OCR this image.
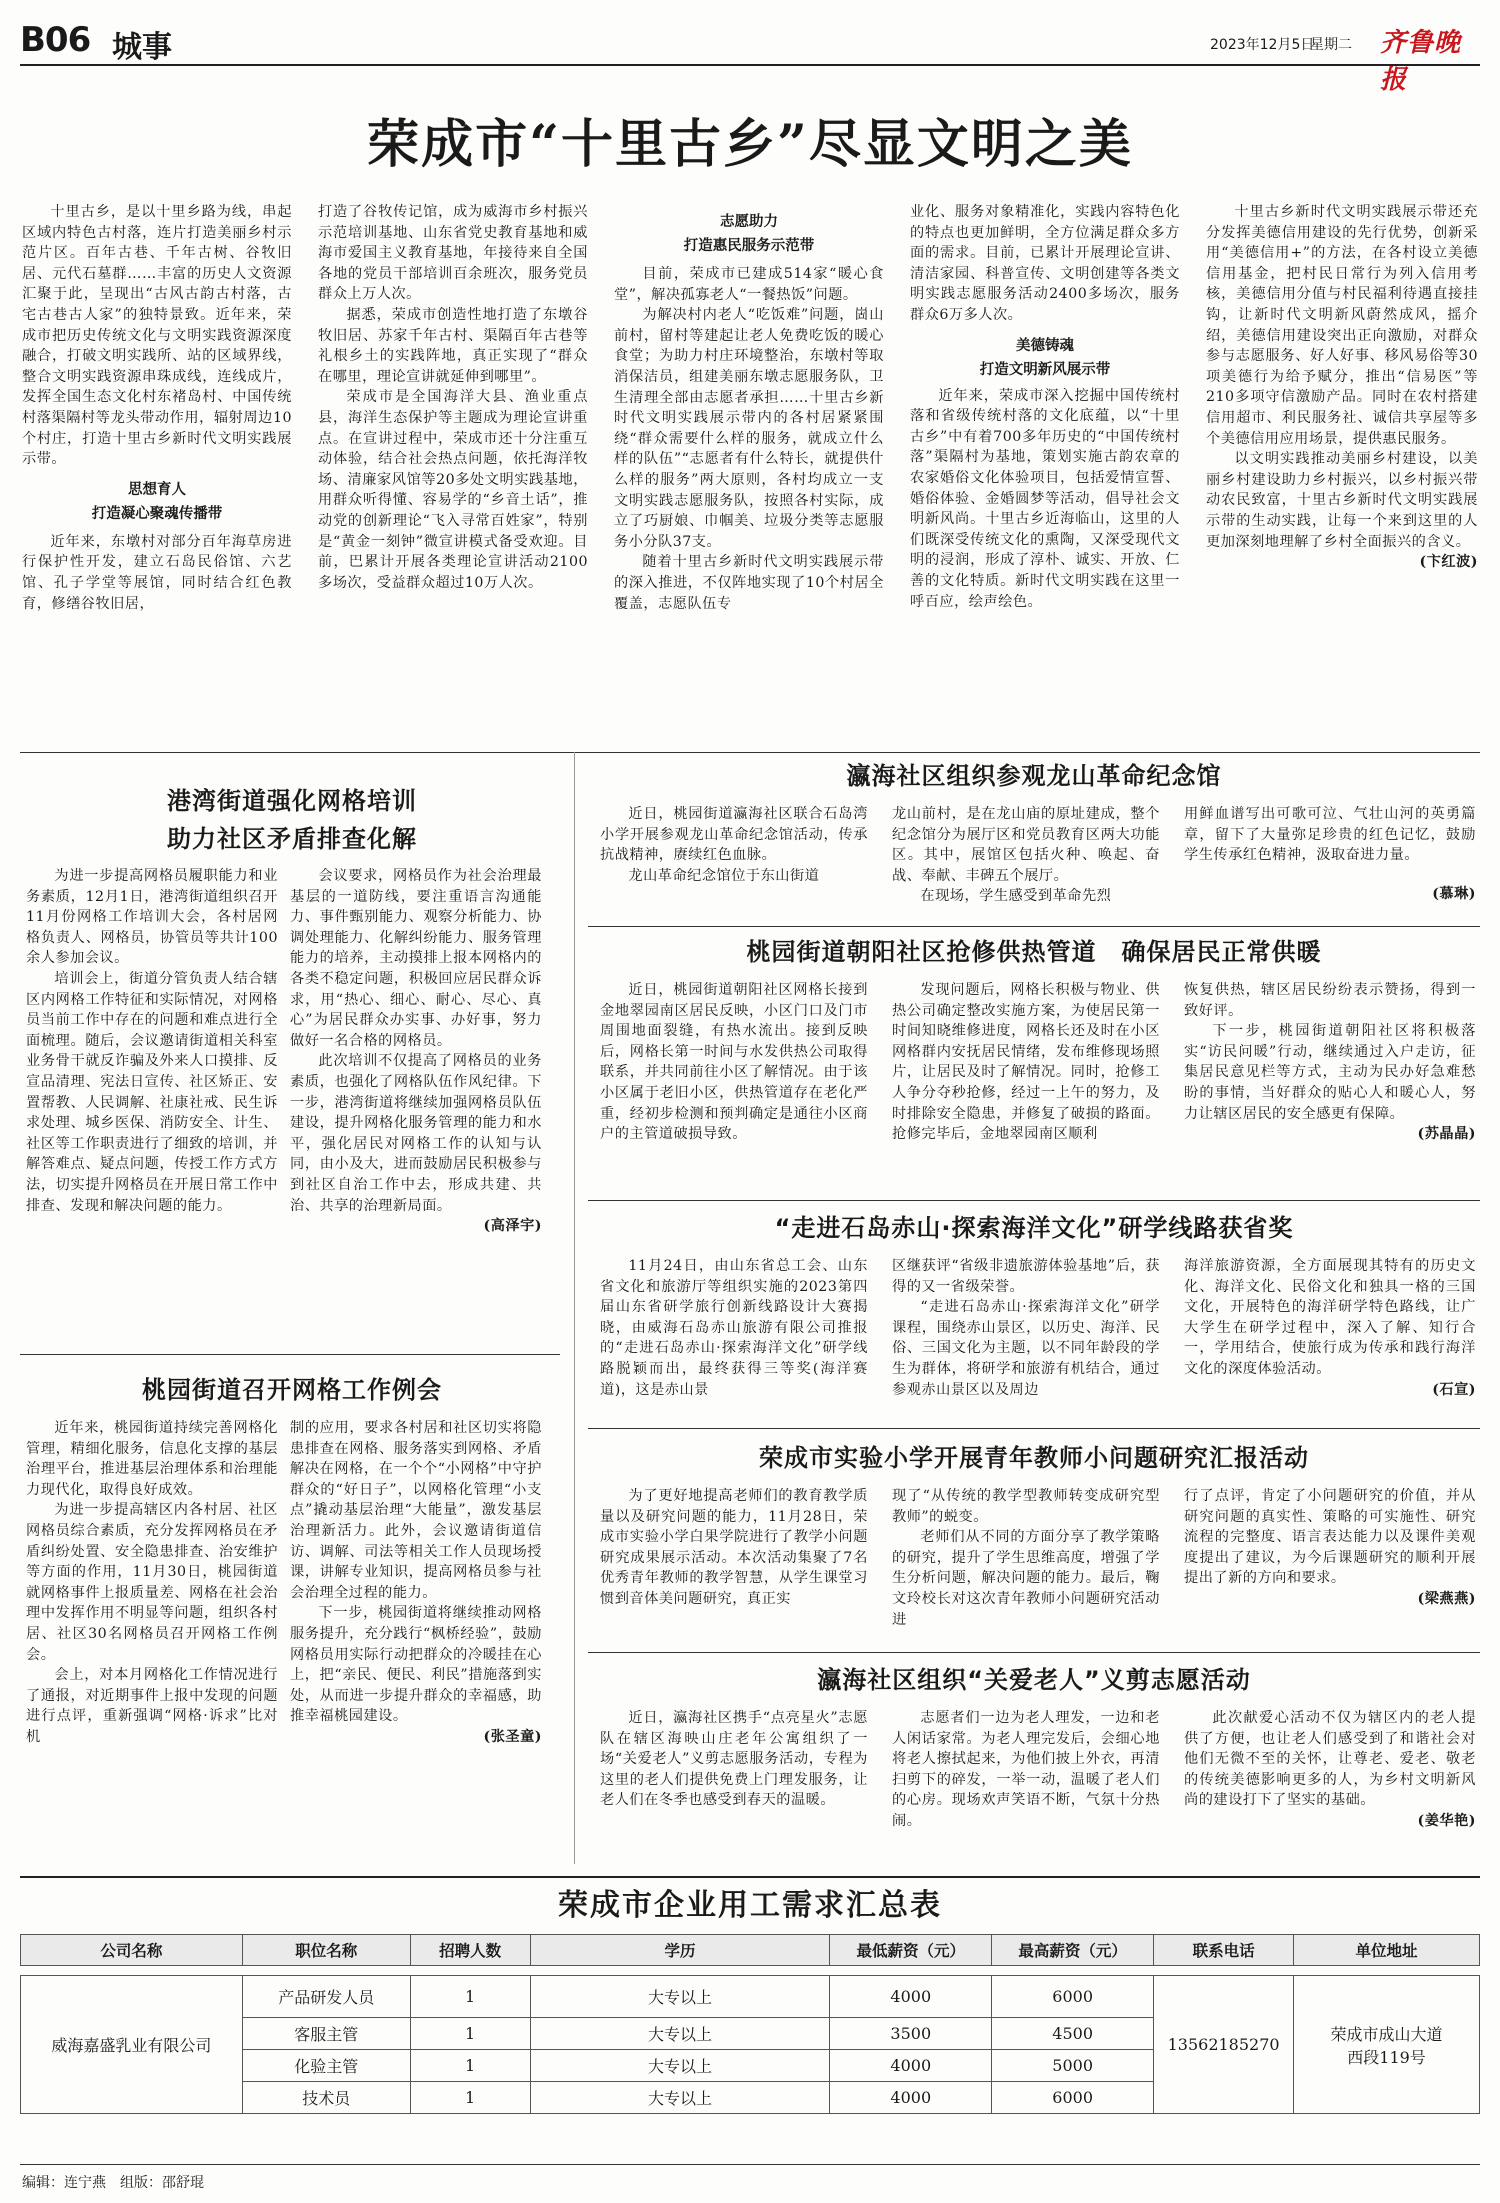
B06 城事	2023年12月5日
星期二 齐鲁晚报
荣成市“十里古乡”尽显文明之美

十里古乡，是以十里乡路为线，串起区域内特色古村落，连片打造美丽乡村示范片区。百年古巷、千年古树、谷牧旧居、元代石墓群……丰富的历史人文资源汇聚于此，呈现出“古风古韵古村落，古宅古巷古人家”的独特景致。近年来，荣成市把历史传统文化与文明实践资源深度融合，打破文明实践所、站的区域界线，整合文明实践资源串珠成线，连线成片，发挥全国生态文化村东褚岛村、中国传统村落渠隔村等龙头带动作用，辐射周边10个村庄，打造十里古乡新时代文明实践展示带。

思想育人
打造凝心聚魂传播带

近年来，东墩村对部分百年海草房进行保护性开发，建立石岛民俗馆、六艺馆、孔子学堂等展馆，同时结合红色教育，修缮谷牧旧居，

打造了谷牧传记馆，成为威海市乡村振兴示范培训基地、山东省党史教育基地和威海市爱国主义教育基地，年接待来自全国各地的党员干部培训百余班次，服务党员群众上万人次。

据悉，荣成市创造性地打造了东墩谷牧旧居、苏家千年古村、渠隔百年古巷等礼根乡土的实践阵地，真正实现了“群众在哪里，理论宣讲就延伸到哪里”。

荣成市是全国海洋大县、渔业重点县，海洋生态保护等主题成为理论宣讲重点。在宣讲过程中，荣成市还十分注重互动体验，结合社会热点问题，依托海洋牧场、清廉家风馆等20多处文明实践基地，用群众听得懂、容易学的“乡音土话”，推动党的创新理论“飞入寻常百姓家”，特别是“黄金一刻钟”微宣讲模式备受欢迎。目前，巴累计开展各类理论宣讲活动2100多场次，受益群众超过10万人次。

志愿助力
打造惠民服务示范带

目前，荣成市已建成514家“暖心食堂”，解决孤寡老人“一餐热饭”问题。

为解决村内老人“吃饭难”问题，崮山前村，留村等建起让老人免费吃饭的暖心食堂；为助力村庄环境整治，东墩村等取消保洁员，组建美丽东墩志愿服务队，卫生清理全部由志愿者承担……十里古乡新时代文明实践展示带内的各村居紧紧围绕“群众需要什么样的服务，就成立什么样的队伍”“志愿者有什么特长，就提供什么样的服务”两大原则，各村均成立一支文明实践志愿服务队，按照各村实际，成立了巧厨娘、巾帼美、垃圾分类等志愿服务小分队37支。

随着十里古乡新时代文明实践展示带的深入推进，不仅阵地实现了10个村居全覆盖，志愿队伍专

业化、服务对象精准化，实践内容特色化的特点也更加鲜明，全方位满足群众多方面的需求。目前，已累计开展理论宣讲、清洁家园、科普宣传、文明创建等各类文明实践志愿服务活动2400多场次，服务群众6万多人次。

美德铸魂
打造文明新风展示带

近年来，荣成市深入挖掘中国传统村落和省级传统村落的文化底蕴，以“十里古乡”中有着700多年历史的“中国传统村落”渠隔村为基地，策划实施古韵农章的农家婚俗文化体验项目，包括爱情宣誓、婚俗体验、金婚圆梦等活动，倡导社会文明新风尚。十里古乡近海临山，这里的人们既深受传统文化的熏陶，又深受现代文明的浸润，形成了淳朴、诚实、开放、仁善的文化特质。新时代文明实践在这里一呼百应，绘声绘色。

十里古乡新时代文明实践展示带还充分发挥美德信用建设的先行优势，创新采用“美德信用+”的方法，在各村设立美德信用基金，把村民日常行为列入信用考核，美德信用分值与村民福利待遇直接挂钩，让新时代文明新风蔚然成风，摇介绍，美德信用建设突出正向激励，对群众参与志愿服务、好人好事、移风易俗等30项美德行为给予赋分，推出“信易医”等210多项守信激励产品。同时在农村搭建信用超市、利民服务社、诚信共享屋等多个美德信用应用场景，提供惠民服务。

以文明实践推动美丽乡村建设，以美丽乡村建设助力乡村振兴，以乡村振兴带动农民致富，十里古乡新时代文明实践展示带的生动实践，让每一个来到这里的人更加深刻地理解了乡村全面振兴的含义。

(卞红波)

港湾街道强化网格培训
助力社区矛盾排查化解

为进一步提高网格员履职能力和业务素质，12月1日，港湾街道组织召开11月份网格工作培训大会，各村居网格负责人、网格员，协管员等共计100余人参加会议。

培训会上，街道分管负责人结合辖区内网格工作特征和实际情况，对网格员当前工作中存在的问题和难点进行全面梳理。随后，会议邀请街道相关科室业务骨干就反诈骗及外来人口摸排、反宣品清理、宪法日宣传、社区矫正、安置帮教、人民调解、社康社戒、民生诉求处理、城乡医保、消防安全、计生、社区等工作职责进行了细致的培训，并解答难点、疑点问题，传授工作方式方法，切实提升网格员在开展日常工作中排查、发现和解决问题的能力。

会议要求，网格员作为社会治理最基层的一道防线，要注重语言沟通能力、事件甄别能力、观察分析能力、协调处理能力、化解纠纷能力、服务管理能力的培养，主动摸排上报本网格内的各类不稳定问题，积极回应居民群众诉求，用“热心、细心、耐心、尽心、真心”为居民群众办实事、办好事，努力做好一名合格的网格员。

此次培训不仅提高了网格员的业务素质，也强化了网格队伍作风纪律。下一步，港湾街道将继续加强网格员队伍建设，提升网格化服务管理的能力和水平，强化居民对网格工作的认知与认同，由小及大，进而鼓励居民积极参与到社区自治工作中去，形成共建、共治、共享的治理新局面。

(高泽宇)

桃园街道召开网格工作例会

近年来，桃园街道持续完善网格化管理，精细化服务，信息化支撑的基层治理平台，推进基层治理体系和治理能力现代化，取得良好成效。

为进一步提高辖区内各村居、社区网格员综合素质，充分发挥网格员在矛盾纠纷处置、安全隐患排查、治安维护等方面的作用，11月30日，桃园街道就网格事件上报质量差、网格在社会治理中发挥作用不明显等问题，组织各村居、社区30名网格员召开网格工作例会。

会上，对本月网格化工作情况进行了通报，对近期事件上报中发现的问题进行点评，重新强调“网格·诉求”比对机

制的应用，要求各村居和社区切实将隐患排查在网格、服务落实到网格、矛盾解决在网格，在一个个“小网格”中守护群众的“好日子”，以网格化管理“小支点”撬动基层治理“大能量”，激发基层治理新活力。此外，会议邀请街道信访、调解、司法等相关工作人员现场授课，讲解专业知识，提高网格员参与社会治理全过程的能力。

下一步，桃园街道将继续推动网格服务提升，充分践行“枫桥经验”，鼓励网格员用实际行动把群众的冷暖挂在心上，把“亲民、便民、利民”措施落到实处，从而进一步提升群众的幸福感，助推幸福桃园建设。

(张圣童)

瀛海社区组织参观龙山革命纪念馆

近日，桃园街道瀛海社区联合石岛湾小学开展参观龙山革命纪念馆活动，传承抗战精神，赓续红色血脉。

龙山革命纪念馆位于东山街道

龙山前村，是在龙山庙的原址建成，整个纪念馆分为展厅区和党员教育区两大功能区。其中，展馆区包括火种、唤起、奋战、奉献、丰碑五个展厅。

在现场，学生感受到革命先烈

用鲜血谱写出可歌可泣、气壮山河的英勇篇章，留下了大量弥足珍贵的红色记忆，鼓励学生传承红色精神，汲取奋进力量。

(慕琳)

桃园街道朝阳社区抢修供热管道　确保居民正常供暖

近日，桃园街道朝阳社区网格长接到金地翠园南区居民反映，小区门口及门市周围地面裂缝，有热水流出。接到反映后，网格长第一时间与水发供热公司取得联系，并共同前往小区了解情况。由于该小区属于老旧小区，供热管道存在老化严重，经初步检测和预判确定是通往小区商户的主管道破损导致。

发现问题后，网格长积极与物业、供热公司确定整改实施方案，为使居民第一时间知晓维修进度，网格长还及时在小区网格群内安抚居民情绪，发布维修现场照片，让居民及时了解情况。同时，抢修工人争分夺秒抢修，经过一上午的努力，及时排除安全隐患，并修复了破损的路面。抢修完毕后，金地翠园南区顺利

恢复供热，辖区居民纷纷表示赞扬，得到一致好评。

下一步，桃园街道朝阳社区将积极落实“访民问暖”行动，继续通过入户走访，征集居民意见栏等方式，主动为民办好急难愁盼的事情，当好群众的贴心人和暖心人，努力让辖区居民的安全感更有保障。

(苏晶晶)

“走进石岛赤山·探索海洋文化”研学线路获省奖

11月24日，由山东省总工会、山东省文化和旅游厅等组织实施的2023第四届山东省研学旅行创新线路设计大赛揭晓，由威海石岛赤山旅游有限公司推报的“走进石岛赤山·探索海洋文化”研学线路脱颖而出，最终获得三等奖(海洋赛道)，这是赤山景

区继获评“省级非遗旅游体验基地”后，获得的又一省级荣誉。

“走进石岛赤山·探索海洋文化”研学课程，围绕赤山景区，以历史、海洋、民俗、三国文化为主题，以不同年龄段的学生为群体，将研学和旅游有机结合，通过参观赤山景区以及周边

海洋旅游资源，全方面展现其特有的历史文化、海洋文化、民俗文化和独具一格的三国文化，开展特色的海洋研学特色路线，让广大学生在研学过程中，深入了解、知行合一，学用结合，使旅行成为传承和践行海洋文化的深度体验活动。

(石宣)

荣成市实验小学开展青年教师小问题研究汇报活动

为了更好地提高老师们的教育教学质量以及研究问题的能力，11月28日，荣成市实验小学白果学院进行了教学小问题研究成果展示活动。本次活动集聚了7名优秀青年教师的教学智慧，从学生课堂习惯到音体美问题研究，真正实

现了“从传统的教学型教师转变成研究型教师”的蜕变。

老师们从不同的方面分享了教学策略的研究，提升了学生思维高度，增强了学生分析问题，解决问题的能力。最后，鞠文玲校长对这次青年教师小问题研究活动进

行了点评，肯定了小问题研究的价值，并从研究问题的真实性、策略的可实施性、研究流程的完整度、语言表达能力以及课件美观度提出了建议，为今后课题研究的顺利开展提出了新的方向和要求。

(梁燕燕)

瀛海社区组织“关爱老人”义剪志愿活动

近日，瀛海社区携手“点亮星火”志愿队在辖区海映山庄老年公寓组织了一场“关爱老人”义剪志愿服务活动，专程为这里的老人们提供免费上门理发服务，让老人们在冬季也感受到春天的温暖。

志愿者们一边为老人理发，一边和老人闲话家常。为老人理完发后，会细心地将老人擦拭起来，为他们披上外衣，再清扫剪下的碎发，一举一动，温暖了老人们的心房。现场欢声笑语不断，气氛十分热闹。

此次献爱心活动不仅为辖区内的老人提供了方便，也让老人们感受到了和谐社会对他们无微不至的关怀，让尊老、爱老、敬老的传统美德影响更多的人，为乡村文明新风尚的建设打下了坚实的基础。

(姜华艳)

荣成市企业用工需求汇总表
公司名称	职位名称	招聘人数	学历	最低薪资（元）	最高薪资（元）	联系电话	单位地址

威海嘉盛乳业有限公司	产品研发人员	1	大专以上	4000	6000	13562185270	荣成市成山大道
西段119号

	客服主管	1	大专以上	3500	4500		
	化验主管	1	大专以上	4000	5000		
	技术员	1	大专以上	4000	6000		
编辑：连宁燕　组版：邵舒琨
